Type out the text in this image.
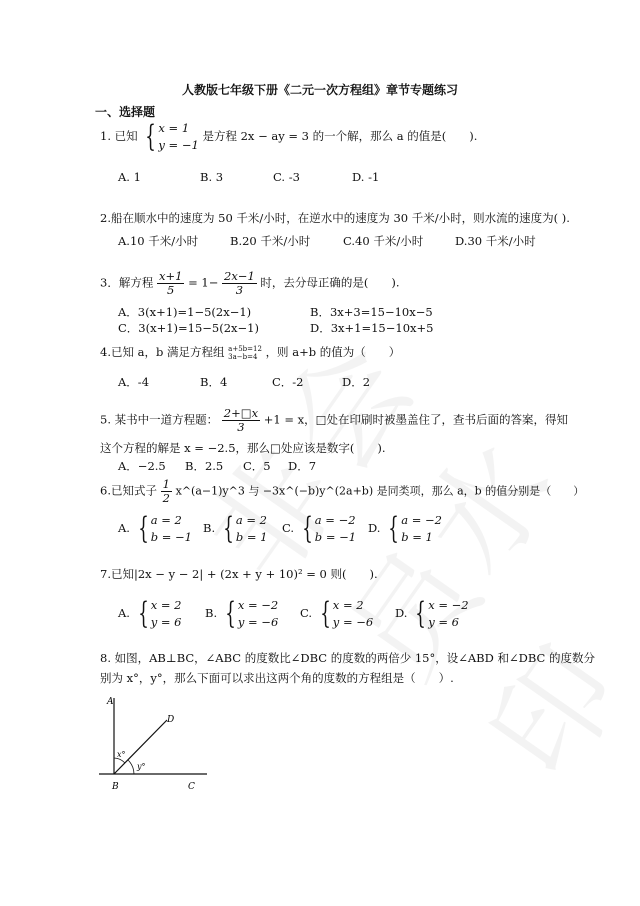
人教版七年级下册《二元一次方程组》章节专题练习
一、选择题
1. 已知 { x = 1
y = −1
是方程 2x − ay = 3 的一个解，那么 a 的值是(　　).
A. 1	B. 3	C. -3	D. -1
2.船在顺水中的速度为 50 千米/小时，在逆水中的速度为 30 千米/小时，则水流的速度为( ).
A.10 千米/小时	B.20 千米/小时	C.40 千米/小时	D.30 千米/小时
3．解方程 $\frac{x+1}{5} = 1- \frac{2x-1}{3}$ 时，去分母正确的是(　　).
A．3(x+1)=1−5(2x−1)	B．3x+3=15−10x−5
C．3(x+1)=15−5(2x−1)	D．3x+1=15−10x+5
4.已知 a，b 满足方程组 a+5b=12
3a−b=4 ，则 a+b 的值为（　　）
A．-4	B．4	C．-2	D．2
5. 某书中一道方程题： $\frac{2+□x}{3} +1 = x$，□处在印刷时被墨盖住了，查书后面的答案，得知
这个方程的解是 x = −2.5，那么□处应该是数字(　　).
A．−2.5 B．2.5 C．5 D．7
6.已知式子 $\frac{1}{2}$ x^(a−1)y^3 与 −3x^(−b)y^(2a+b) 是同类项，那么 a，b 的值分别是（　　）
A. { a = 2
b = −1
B. { a = 2
b = 1
C. { a = −2
b = −1
D. { a = −2
b = 1
7.已知|2x − y − 2| + (2x + y + 10)² = 0 则(　　).
A. { x = 2
y = 6
B. { x = −2
y = −6
C. { x = 2
y = −6
D. { x = −2
y = 6
8. 如图，AB⊥BC，∠ABC 的度数比∠DBC 的度数的两倍少 15°，设∠ABD 和∠DBC 的度数分
别为 x°，y°，那么下面可以求出这两个角的度数的方程组是（　　）.
A
B	C
D
x°
y°
